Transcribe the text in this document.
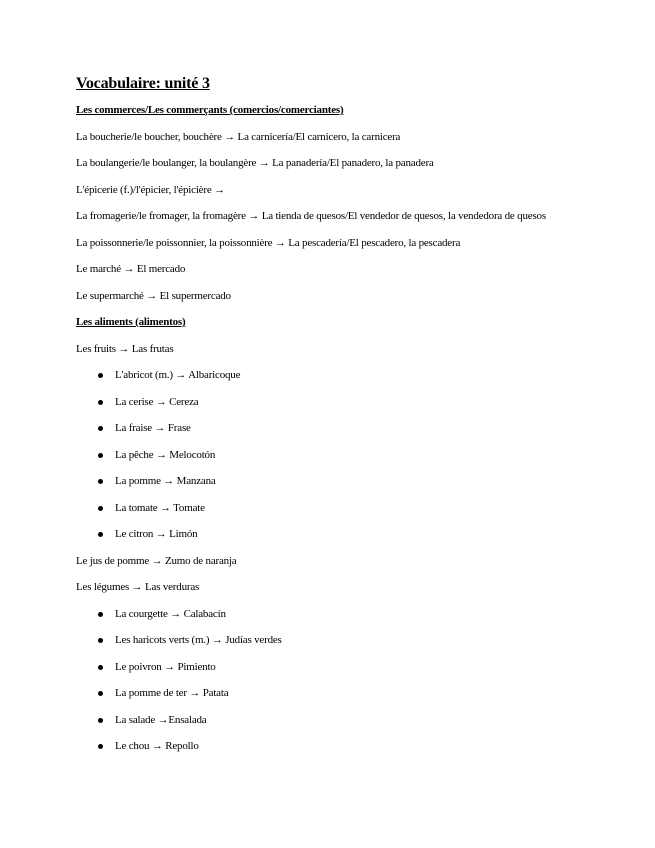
Vocabulaire: unité 3
Les commerces/Les commerçants (comercios/comerciantes)
La boucherie/le boucher, bouchère → La carnicería/El carnicero, la carnicera
La boulangerie/le boulanger, la boulangère → La panadería/El panadero, la panadera
L'épicerie (f.)/l'épicier, l'épicière →
La fromagerie/le fromager, la fromagère → La tienda de quesos/El vendedor de quesos, la vendedora de quesos
La poissonnerie/le poissonnier, la poissonnière → La pescadería/El pescadero, la pescadera
Le marché → El mercado
Le supermarché → El supermercado
Les aliments (alimentos)
Les fruits → Las frutas
L'abricot (m.) → Albaricoque
La cerise → Cereza
La fraise → Frase
La pêche → Melocotón
La pomme → Manzana
La tomate → Tomate
Le citron → Limón
Le jus de pomme → Zumo de naranja
Les légumes → Las verduras
La courgette → Calabacín
Les haricots verts (m.) → Judías verdes
Le poivron → Pimiento
La pomme de ter → Patata
La salade →Ensalada
Le chou → Repollo
